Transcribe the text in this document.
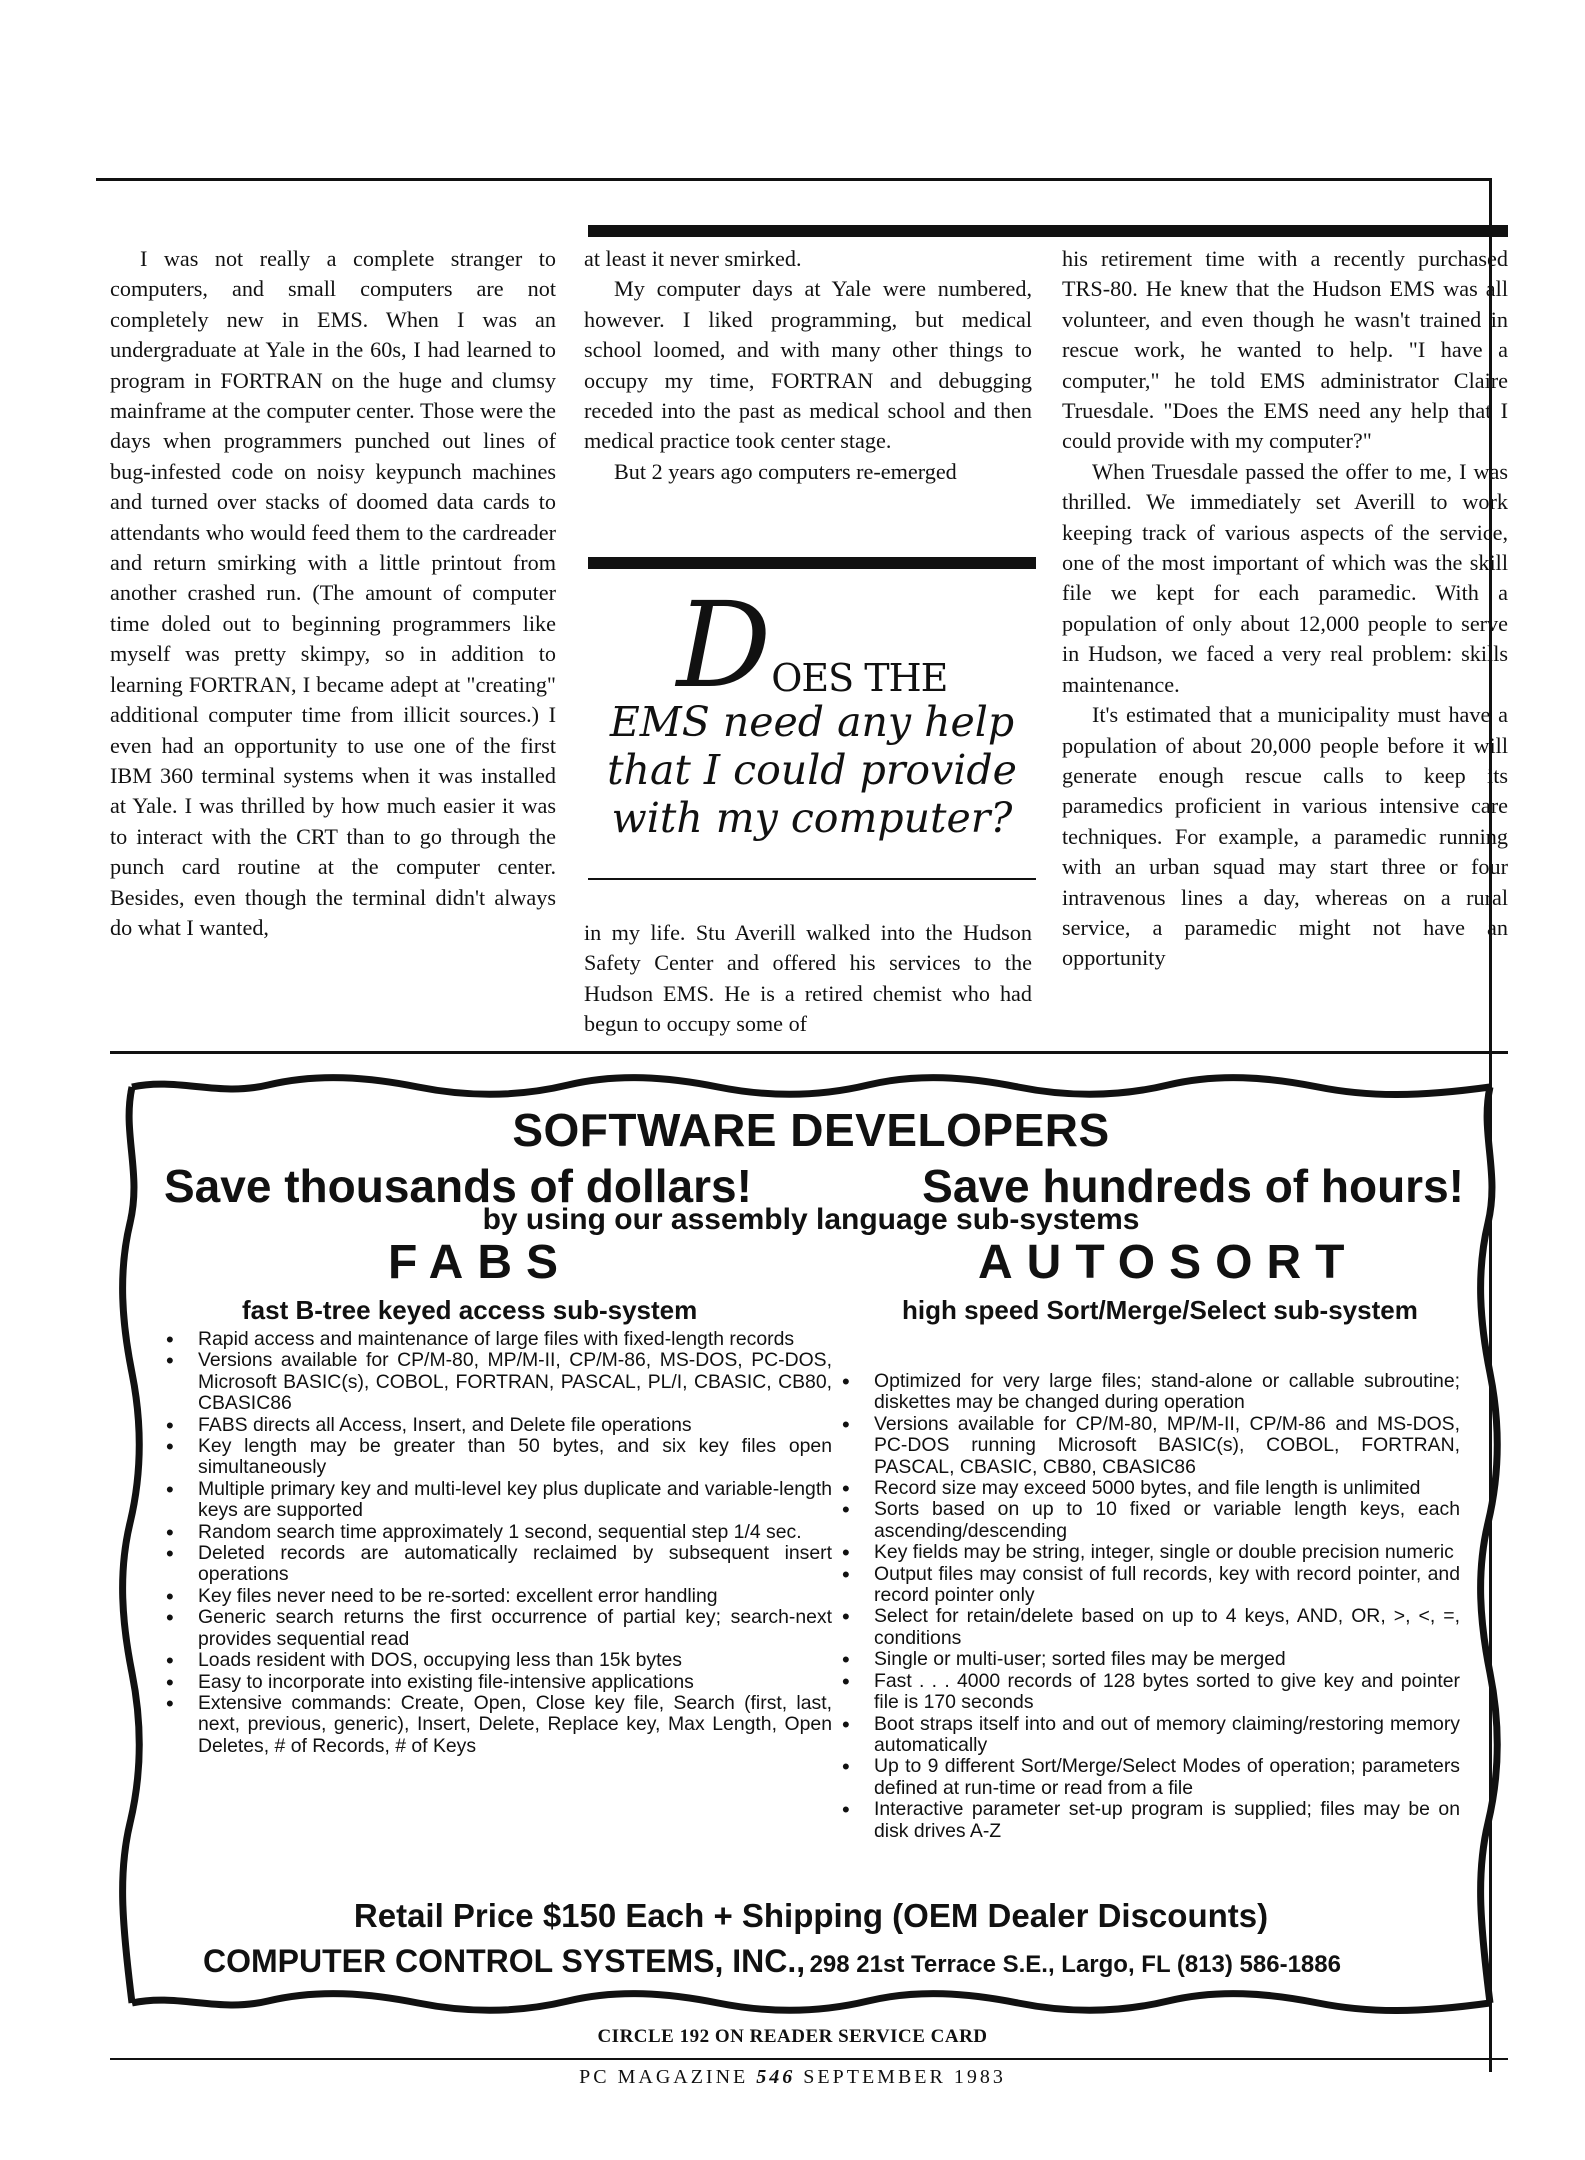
I was not really a complete stranger to computers, and small computers are not completely new in EMS. When I was an undergraduate at Yale in the 60s, I had learned to program in FORTRAN on the huge and clumsy mainframe at the computer center. Those were the days when programmers punched out lines of bug-infested code on noisy keypunch machines and turned over stacks of doomed data cards to attendants who would feed them to the cardreader and return smirking with a little printout from another crashed run. (The amount of computer time doled out to beginning programmers like myself was pretty skimpy, so in addition to learning FORTRAN, I became adept at "creating" additional computer time from illicit sources.) I even had an opportunity to use one of the first IBM 360 terminal systems when it was installed at Yale. I was thrilled by how much easier it was to interact with the CRT than to go through the punch card routine at the computer center. Besides, even though the terminal didn't always do what I wanted,

at least it never smirked.

My computer days at Yale were numbered, however. I liked programming, but medical school loomed, and with many other things to occupy my time, FORTRAN and debugging receded into the past as medical school and then medical practice took center stage.

But 2 years ago computers re-emerged

DOES THE
EMS need any help that I could provide with my computer?

in my life. Stu Averill walked into the Hudson Safety Center and offered his services to the Hudson EMS. He is a retired chemist who had begun to occupy some of

his retirement time with a recently purchased TRS-80. He knew that the Hudson EMS was all volunteer, and even though he wasn't trained in rescue work, he wanted to help. "I have a computer," he told EMS administrator Claire Truesdale. "Does the EMS need any help that I could provide with my computer?"

When Truesdale passed the offer to me, I was thrilled. We immediately set Averill to work keeping track of various aspects of the service, one of the most important of which was the skill file we kept for each paramedic. With a population of only about 12,000 people to serve in Hudson, we faced a very real problem: skills maintenance.

It's estimated that a municipality must have a population of about 20,000 people before it will generate enough rescue calls to keep its paramedics proficient in various intensive care techniques. For example, a paramedic running with an urban squad may start three or four intravenous lines a day, whereas on a rural service, a paramedic might not have an opportunity

SOFTWARE DEVELOPERS
Save thousands of dollars!	Save hundreds of hours!
by using our assembly language sub-systems
FABS	AUTOSORT
fast B-tree keyed access sub-system	high speed Sort/Merge/Select sub-system
• Rapid access and maintenance of large files with fixed-length records
• Versions available for CP/M-80, MP/M-II, CP/M-86, MS-DOS, PC-DOS, Microsoft BASIC(s), COBOL, FORTRAN, PASCAL, PL/I, CBASIC, CB80, CBASIC86
• FABS directs all Access, Insert, and Delete file operations
• Key length may be greater than 50 bytes, and six key files open simultaneously
• Multiple primary key and multi-level key plus duplicate and variable-length keys are supported
• Random search time approximately 1 second, sequential step 1/4 sec.
• Deleted records are automatically reclaimed by subsequent insert operations
• Key files never need to be re-sorted: excellent error handling
• Generic search returns the first occurrence of partial key; search-next provides sequential read
• Loads resident with DOS, occupying less than 15k bytes
• Easy to incorporate into existing file-intensive applications
• Extensive commands: Create, Open, Close key file, Search (first, last, next, previous, generic), Insert, Delete, Replace key, Max Length, Open Deletes, # of Records, # of Keys
• Optimized for very large files; stand-alone or callable subroutine; diskettes may be changed during operation
• Versions available for CP/M-80, MP/M-II, CP/M-86 and MS-DOS, PC-DOS running Microsoft BASIC(s), COBOL, FORTRAN, PASCAL, CBASIC, CB80, CBASIC86
• Record size may exceed 5000 bytes, and file length is unlimited
• Sorts based on up to 10 fixed or variable length keys, each ascending/descending
• Key fields may be string, integer, single or double precision numeric
• Output files may consist of full records, key with record pointer, and record pointer only
• Select for retain/delete based on up to 4 keys, AND, OR, >, <, =, conditions
• Single or multi-user; sorted files may be merged
• Fast . . . 4000 records of 128 bytes sorted to give key and pointer file is 170 seconds
• Boot straps itself into and out of memory claiming/restoring memory automatically
• Up to 9 different Sort/Merge/Select Modes of operation; parameters defined at run-time or read from a file
• Interactive parameter set-up program is supplied; files may be on disk drives A-Z
Retail Price $150 Each + Shipping (OEM Dealer Discounts)
COMPUTER CONTROL SYSTEMS, INC., 298 21st Terrace S.E., Largo, FL (813) 586-1886
CIRCLE 192 ON READER SERVICE CARD
PC MAGAZINE 546 SEPTEMBER 1983
